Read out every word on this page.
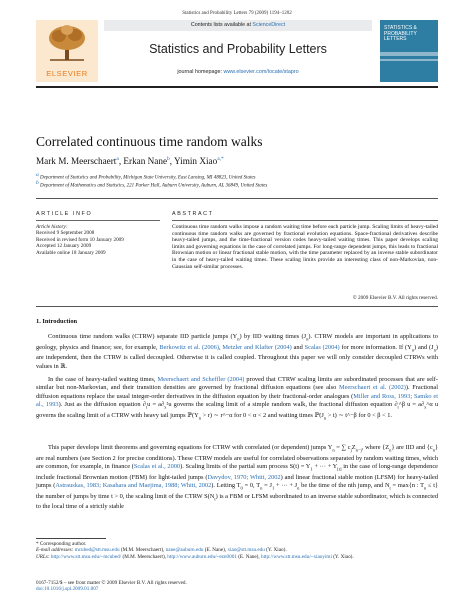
Statistics and Probability Letters 79 (2009) 1194–1202
ELSEVIER
Contents lists available at ScienceDirect
Statistics and Probability Letters
journal homepage: www.elsevier.com/locate/stapro
STATISTICS & PROBABILITY LETTERS
Correlated continuous time random walks
Mark M. Meerschaert$^a$, Erkan Nane$^b$, Yimin Xiao$^{a,*}$
$^a$ Department of Statistics and Probability, Michigan State University, East Lansing, MI 48823, United States
$^b$ Department of Mathematics and Statistics, 221 Parker Hall, Auburn University, Auburn, AL 36849, United States
ARTICLE INFO	ABSTRACT
Article history:
Received 9 September 2008
Received in revised form 10 January 2009
Accepted 12 January 2009
Available online 18 January 2009
Continuous time random walks impose a random waiting time before each particle jump. Scaling limits of heavy-tailed continuous time random walks are governed by fractional evolution equations. Space-fractional derivatives describe heavy-tailed jumps, and the time-fractional version codes heavy-tailed waiting times. This paper develops scaling limits and governing equations in the case of correlated jumps. For long-range dependent jumps, this leads to fractional Brownian motion or linear fractional stable motion, with the time parameter replaced by an inverse stable subordinator in the case of heavy-tailed waiting times. These scaling limits provide an interesting class of non-Markovian, non-Gaussian self-similar processes.
© 2009 Elsevier B.V. All rights reserved.
1. Introduction
Continuous time random walks (CTRW) separate IID particle jumps $(Y_n)$ by IID waiting times $(J_n)$. CTRW models are important in applications to geology, physics and finance; see, for example, Berkowitz et al. (2006), Metzler and Klafter (2004) and Scalas (2004) for more information. If $(Y_n)$ and $(J_n)$ are independent, then the CTRW is called decoupled. Otherwise it is called coupled. Throughout this paper we will only consider decoupled CTRWs with values in ℝ.
In the case of heavy-tailed waiting times, Meerschaert and Scheffler (2004) proved that CTRW scaling limits are subordinated processes that are self-similar but non-Markovian, and their transition densities are governed by fractional diffusion equations (see also Meerschaert et al. (2002)). Fractional diffusion equations replace the usual integer-order derivatives in the diffusion equation by their fractional-order analogues (Miller and Ross, 1993; Samko et al., 1993). Just as the diffusion equation $\partial_tu = a\partial_x^2u$ governs the scaling limit of a simple random walk, the fractional diffusion equation $\partial_t\^{}\beta$ $u = a\partial_x\^{}\alpha$ u governs the scaling limit of a CTRW with heavy tail jumps $ℙ(Y_n > r)$ ∼ r^−α for 0 < α < 2 and waiting times $ℙ(J_n > t)$ ∼ t^−β for 0 < β < 1.
This paper develops limit theorems and governing equations for CTRW with correlated (or dependent) jumps $Y_n$ = ∑ $c_jZ_{n-j}$, where $\{Z_n\}$ are IID and $\{c_n\}$ are real numbers (see Section 2 for precise conditions). These CTRW models are useful for correlated observations separated by random waiting times, which are common, for example, in finance (Scalas et al., 2000). Scaling limits of the partial sum process $S(t) = Y_1$ + ··· + $Y_{[t]}$ in the case of long-range dependence include fractional Brownian motion (FBM) for light-tailed jumps (Davydov, 1970; Whitt, 2002) and linear fractional stable motion (LFSM) for heavy-tailed jumps (Astrauskas, 1983; Kasahara and Maejima, 1988; Whitt, 2002). Letting $T_0 = 0$, $T_n = J_1$ + ··· + $J_n$ be the time of the nth jump, and $N_t = \max\{n$ : $T_n \le t$} the number of jumps by time t > 0, the scaling limit of the CTRW $S(N_t)$ is a FBM or LFSM subordinated to an inverse stable subordinator, which is connected to the local time of a strictly stable
* Corresponding author.
E-mail addresses: mcubed@stt.msu.edu (M.M. Meerschaert), nane@auburn.edu (E. Nane), xiao@stt.msu.edu (Y. Xiao).
URLs: http://www.stt.msu.edu/~mcubed/ (M.M. Meerschaert), http://www.auburn.edu/~ezn0001 (E. Nane), http://www.stt.msu.edu/~xiaoyimi (Y. Xiao).
0167-7152/$ – see front matter © 2009 Elsevier B.V. All rights reserved.
doi:10.1016/j.spl.2009.01.007
